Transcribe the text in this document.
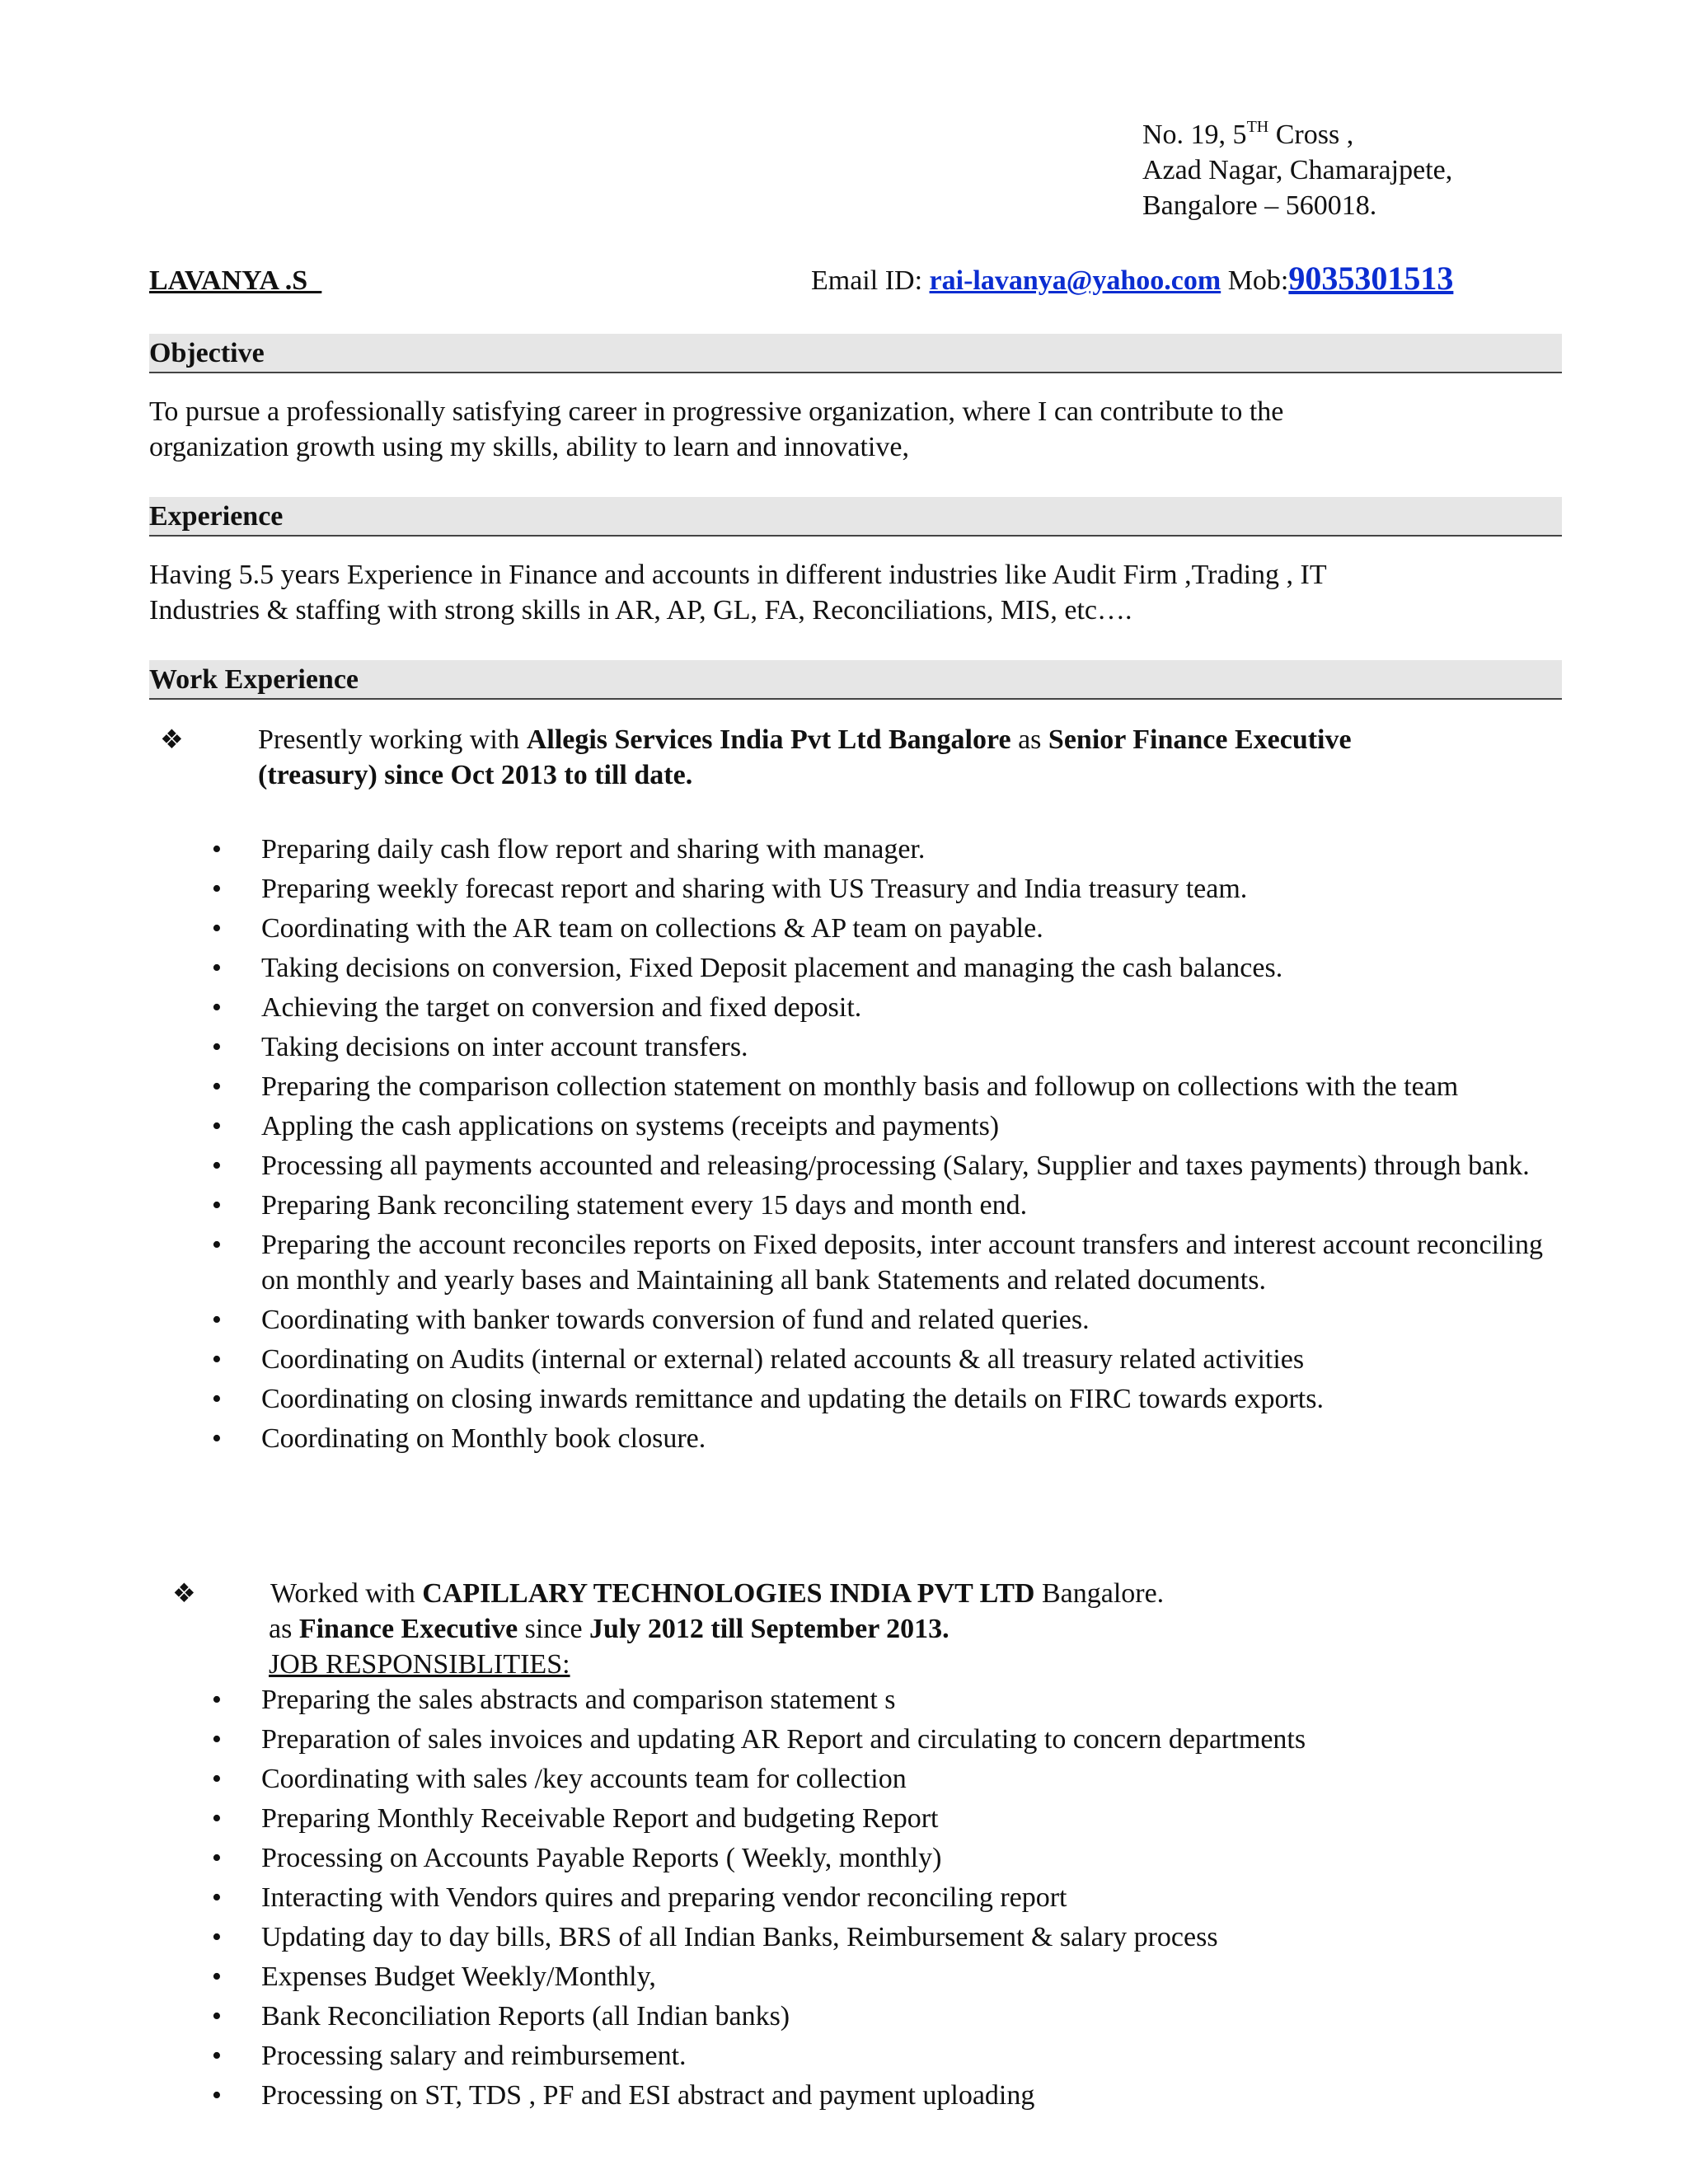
No. 19, 5TH Cross ,
Azad Nagar, Chamarajpete,
Bangalore – 560018.
LAVANYA .S_	Email ID: rai-lavanya@yahoo.com Mob:9035301513
Objective
To pursue a professionally satisfying career in progressive organization, where I can contribute to the
organization growth using my skills, ability to learn and innovative,
Experience
Having 5.5 years Experience in Finance and accounts in different industries like Audit Firm ,Trading , IT
Industries & staffing with strong skills in AR, AP, GL, FA, Reconciliations, MIS, etc….
Work Experience
❖	Presently working with Allegis Services India Pvt Ltd Bangalore as Senior Finance Executive
(treasury) since Oct 2013 to till date.
• Preparing daily cash flow report and sharing with manager.
• Preparing weekly forecast report and sharing with US Treasury and India treasury team.
• Coordinating with the AR team on collections & AP team on payable.
• Taking decisions on conversion, Fixed Deposit placement and managing the cash balances.
• Achieving the target on conversion and fixed deposit.
• Taking decisions on inter account transfers.
• Preparing the comparison collection statement on monthly basis and followup on collections with the team
• Appling the cash applications on systems (receipts and payments)
• Processing all payments accounted and releasing/processing (Salary, Supplier and taxes payments) through bank.
• Preparing Bank reconciling statement every 15 days and month end.
• Preparing the account reconciles reports on Fixed deposits, inter account transfers and interest account reconciling on monthly and yearly bases and Maintaining all bank Statements and related documents.
• Coordinating with banker towards conversion of fund and related queries.
• Coordinating on Audits (internal or external) related accounts & all treasury related activities
• Coordinating on closing inwards remittance and updating the details on FIRC towards exports.
• Coordinating on Monthly book closure.
❖	Worked with CAPILLARY TECHNOLOGIES INDIA PVT LTD Bangalore.
as Finance Executive since July 2012 till September 2013.
JOB RESPONSIBLITIES:
• Preparing the sales abstracts and comparison statement s
• Preparation of sales invoices and updating AR Report and circulating to concern departments
• Coordinating with sales /key accounts team for collection
• Preparing Monthly Receivable Report and budgeting Report
• Processing on Accounts Payable Reports ( Weekly, monthly)
• Interacting with Vendors quires and preparing vendor reconciling report
• Updating day to day bills, BRS of all Indian Banks, Reimbursement & salary process
• Expenses Budget Weekly/Monthly,
• Bank Reconciliation Reports (all Indian banks)
• Processing salary and reimbursement.
• Processing on ST, TDS , PF and ESI abstract and payment uploading
